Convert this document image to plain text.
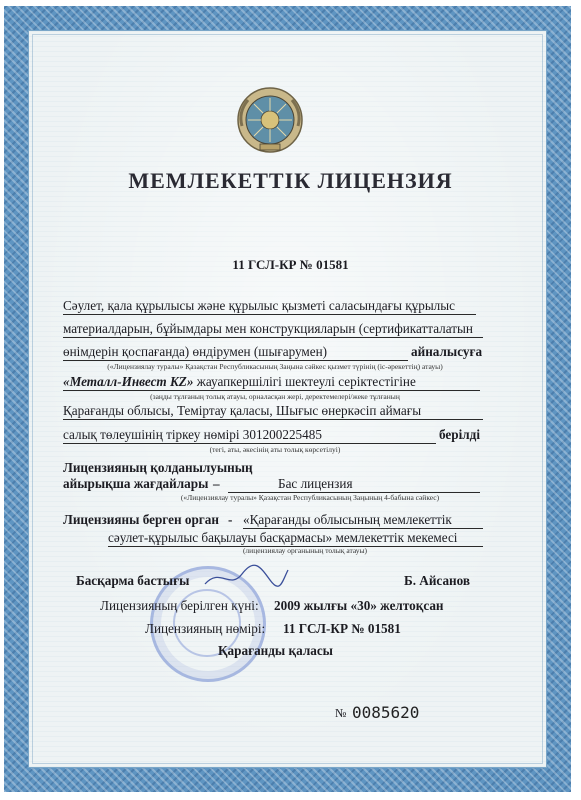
МЕМЛЕКЕТТІК ЛИЦЕНЗИЯ
11 ГСЛ-КР № 01581
Сәулет, қала құрылысы және құрылыс қызметі саласындағы құрылыс
материалдарын, бұйымдары мен конструкцияларын (сертификатталатын
өнімдерін қоспағанда) өндірумен (шығарумен)	айналысуға
(«Лицензиялау туралы» Қазақстан Республикасының Заңына сәйкес қызмет түрінің (іс-әрекеттің) атауы)
«Металл-Инвест KZ» жауапкершілігі шектеулі серіктестігіне
(заңды тұлғаның толық атауы, орналасқан жері, деректемелері/жеке тұлғаның
Қарағанды облысы, Теміртау қаласы, Шығыс өнеркәсіп аймағы
салық төлеушінің тіркеу нөмірі 301200225485	берілді
(тегі, аты, әкесінің аты толық көрсетілуі)
Лицензияның қолданылуының
айырықша жағдайлары –	Бас лицензия
(«Лицензиялау туралы» Қазақстан Республикасының Заңының 4-бабына сәйкес)
Лицензияны берген орган - «Қарағанды облысының мемлекеттік
сәулет-құрылыс бақылауы басқармасы» мемлекеттік мекемесі
(лицензиялау органының толық атауы)
Басқарма бастығы	Б. Айсанов
Лицензияның берілген күні: 2009 жылғы «30» желтоқсан
Лицензияның нөмірі: 11 ГСЛ-КР № 01581
Қарағанды қаласы
№ 0085620
